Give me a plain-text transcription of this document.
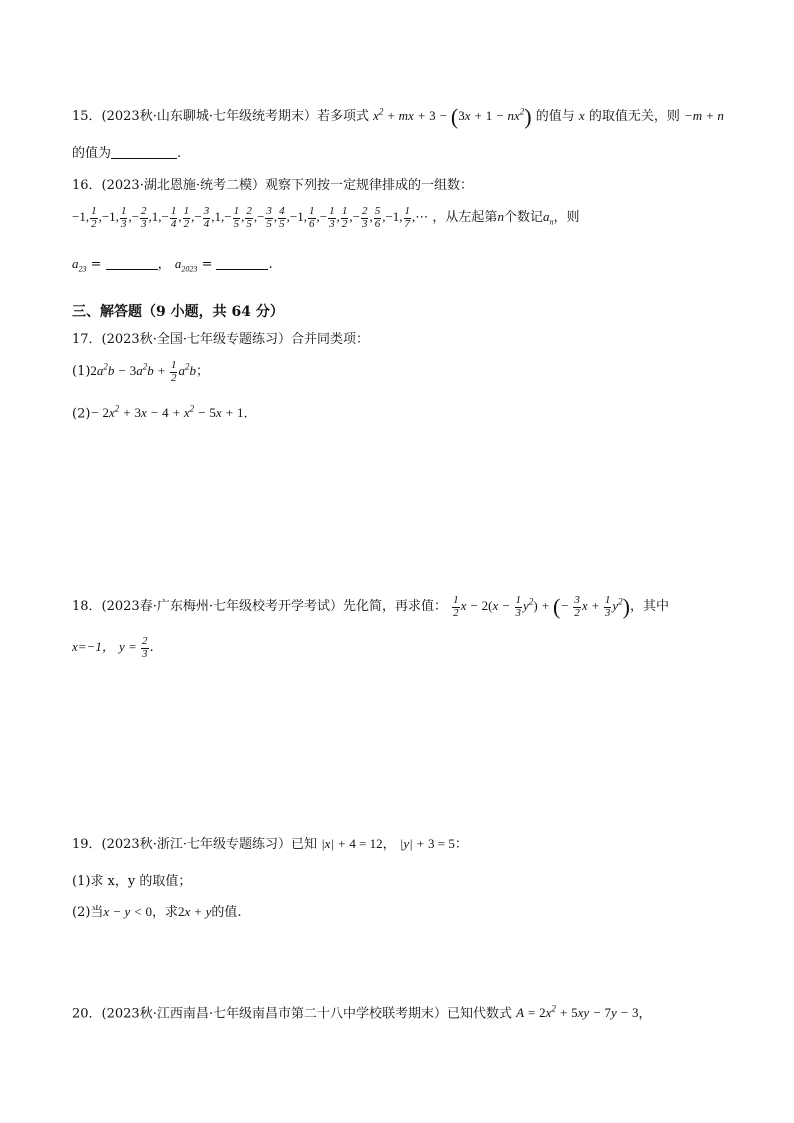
15．(2023秋·山东聊城·七年级统考期末）若多项式 $x^2$ + mx + $3 - (3x + 1 - nx^2)$ 的值与 x 的取值无关，则 −m + n
的值为	.
16．(2023·湖北恩施·统考二模）观察下列按一定规律排成的一组数：
−1, $\frac{1}{2} ,-1$, $\frac{1}{3}$ ,− $\frac{2}{3} ,1,- \frac{1}{4}$ , $\frac{1}{2}$ ,− $\frac{3}{4} ,1,- \frac{1}{5}$ , $\frac{2}{5}$ ,− $\frac{3}{5}$ , $\frac{4}{5} ,-1$, $\frac{1}{6}$ ,− $\frac{1}{3}$ , $\frac{1}{2}$ ,− $\frac{2}{3}$ , $\frac{5}{6} ,-1$, $\frac{1}{7}$ ,⋯ ，从左起第n个数记$a_n$，则
$a_{23}$ =	， $a_{2023}$ =	.
三、解答题（9 小题，共 64 分）
17．(2023秋·全国·七年级专题练习）合并同类项：
$(1)2a^2b - 3a^2b + \frac{1}{2} a^2b$；
$(2)- 2x^2 + 3x - 4 + x^2 - 5x + 1$.
18．(2023春·广东梅州·七年级校考开学考试）先化简，再求值： $\frac{1}{2}$ $x - 2(x - \frac{1}{3} y^2)$ + (− $\frac{3}{2}$ $x + \frac{1}{3} y^2$)，其中
x=−1， $y = \frac{2}{3}$ .
19．(2023秋·浙江·七年级专题练习）已知 |x| + 4 = 12， |y| + 3 = 5：
(1)求 x，y 的取值；
(2)当x − y < 0，求2x + y的值.
20．(2023秋·江西南昌·七年级南昌市第二十八中学校联考期末）已知代数式 $A = 2x^2 + 5xy - 7y - 3$，
